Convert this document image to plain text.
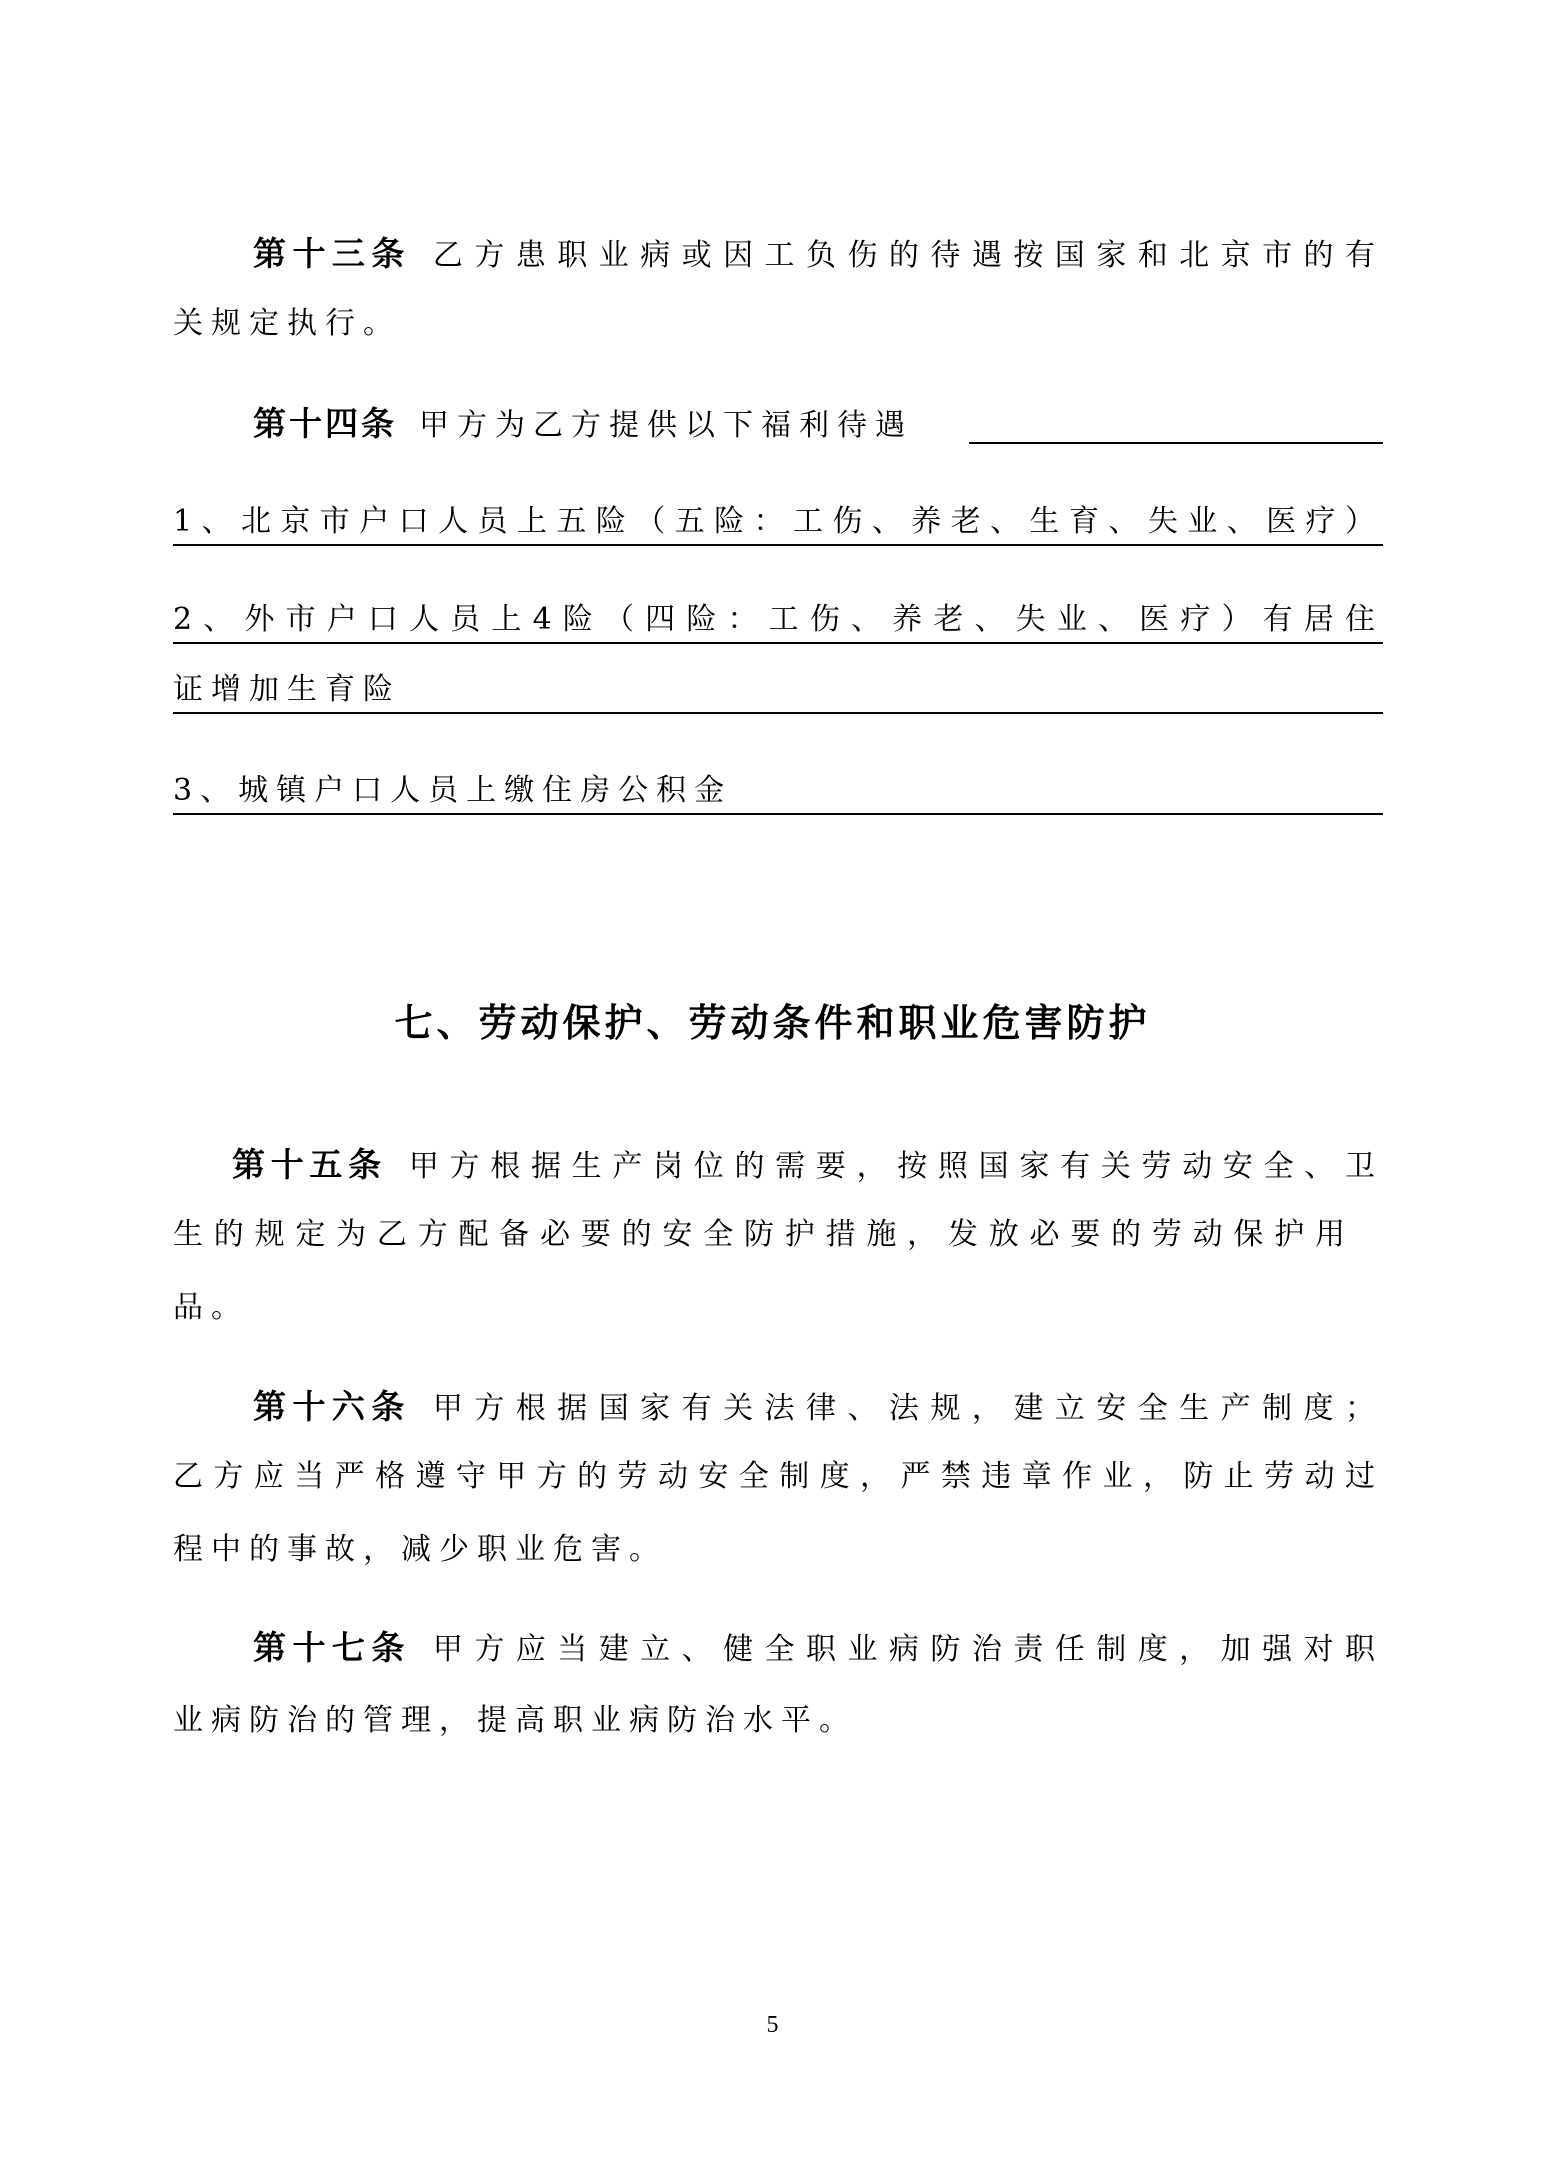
第十三条 乙方患职业病或因工负伤的待遇按国家和北京市的有
关规定执行。
第十四条 甲方为乙方提供以下福利待遇
1、北京市户口人员上五险（五险：工伤、养老、生育、失业、医疗）
2、外市户口人员上4险（四险：工伤、养老、失业、医疗）有居住
证增加生育险
3、城镇户口人员上缴住房公积金
七、劳动保护、劳动条件和职业危害防护
第十五条 甲方根据生产岗位的需要，按照国家有关劳动安全、卫
生的规定为乙方配备必要的安全防护措施，发放必要的劳动保护用
品。
第十六条 甲方根据国家有关法律、法规，建立安全生产制度；
乙方应当严格遵守甲方的劳动安全制度，严禁违章作业，防止劳动过
程中的事故，减少职业危害。
第十七条 甲方应当建立、健全职业病防治责任制度，加强对职
业病防治的管理，提高职业病防治水平。
5
